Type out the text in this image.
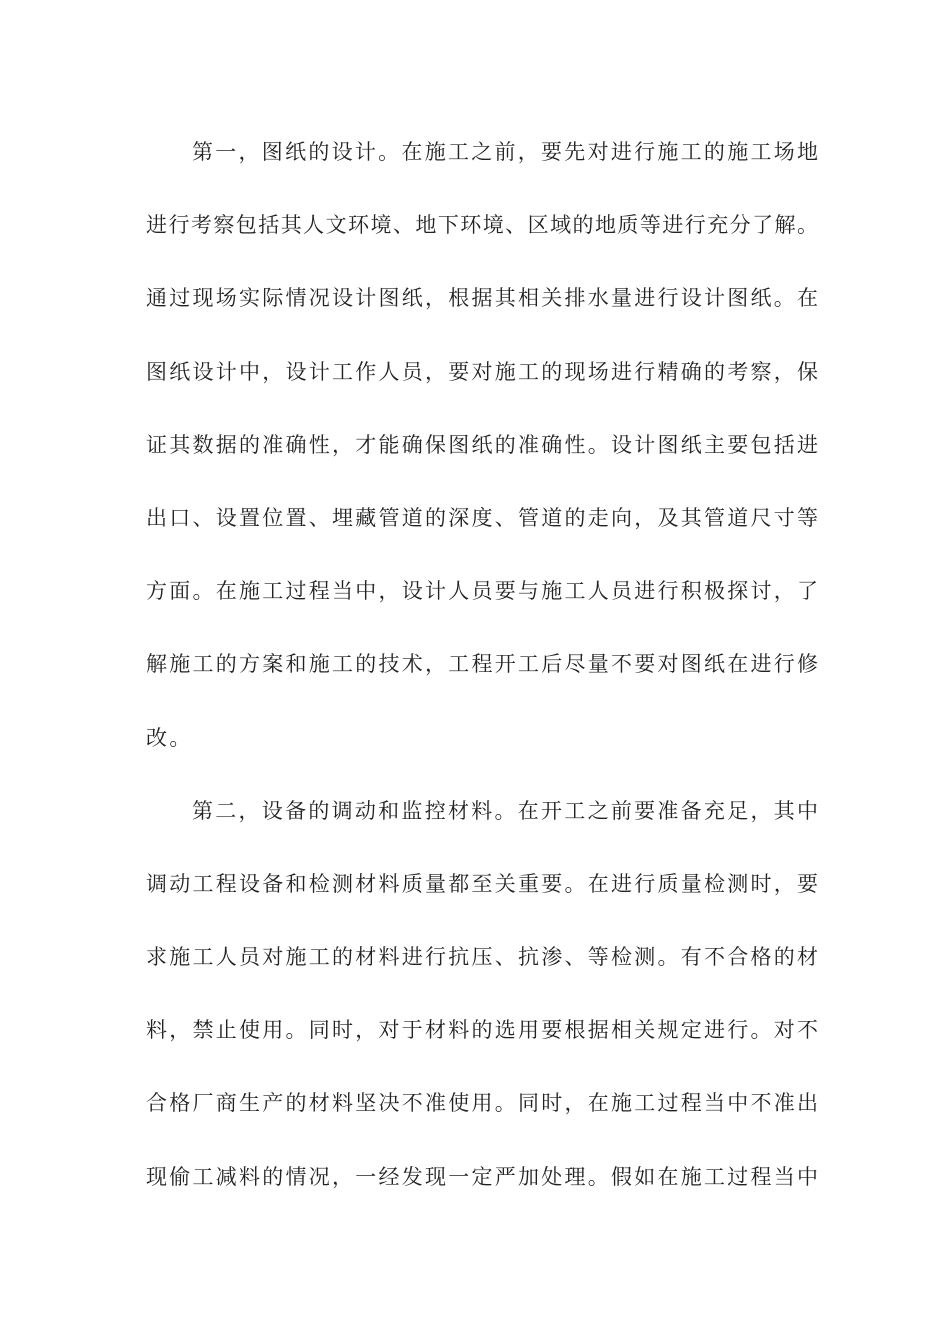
第一，图纸的设计。在施工之前，要先对进行施工的施工场地
进行考察包括其人文环境、地下环境、区域的地质等进行充分了解。
通过现场实际情况设计图纸，根据其相关排水量进行设计图纸。在
图纸设计中，设计工作人员，要对施工的现场进行精确的考察，保
证其数据的准确性，才能确保图纸的准确性。设计图纸主要包括进
出口、设置位置、埋藏管道的深度、管道的走向，及其管道尺寸等
方面。在施工过程当中，设计人员要与施工人员进行积极探讨，了
解施工的方案和施工的技术，工程开工后尽量不要对图纸在进行修
改。
第二，设备的调动和监控材料。在开工之前要准备充足，其中
调动工程设备和检测材料质量都至关重要。在进行质量检测时，要
求施工人员对施工的材料进行抗压、抗渗、等检测。有不合格的材
料，禁止使用。同时，对于材料的选用要根据相关规定进行。对不
合格厂商生产的材料坚决不准使用。同时，在施工过程当中不准出
现偷工减料的情况，一经发现一定严加处理。假如在施工过程当中
